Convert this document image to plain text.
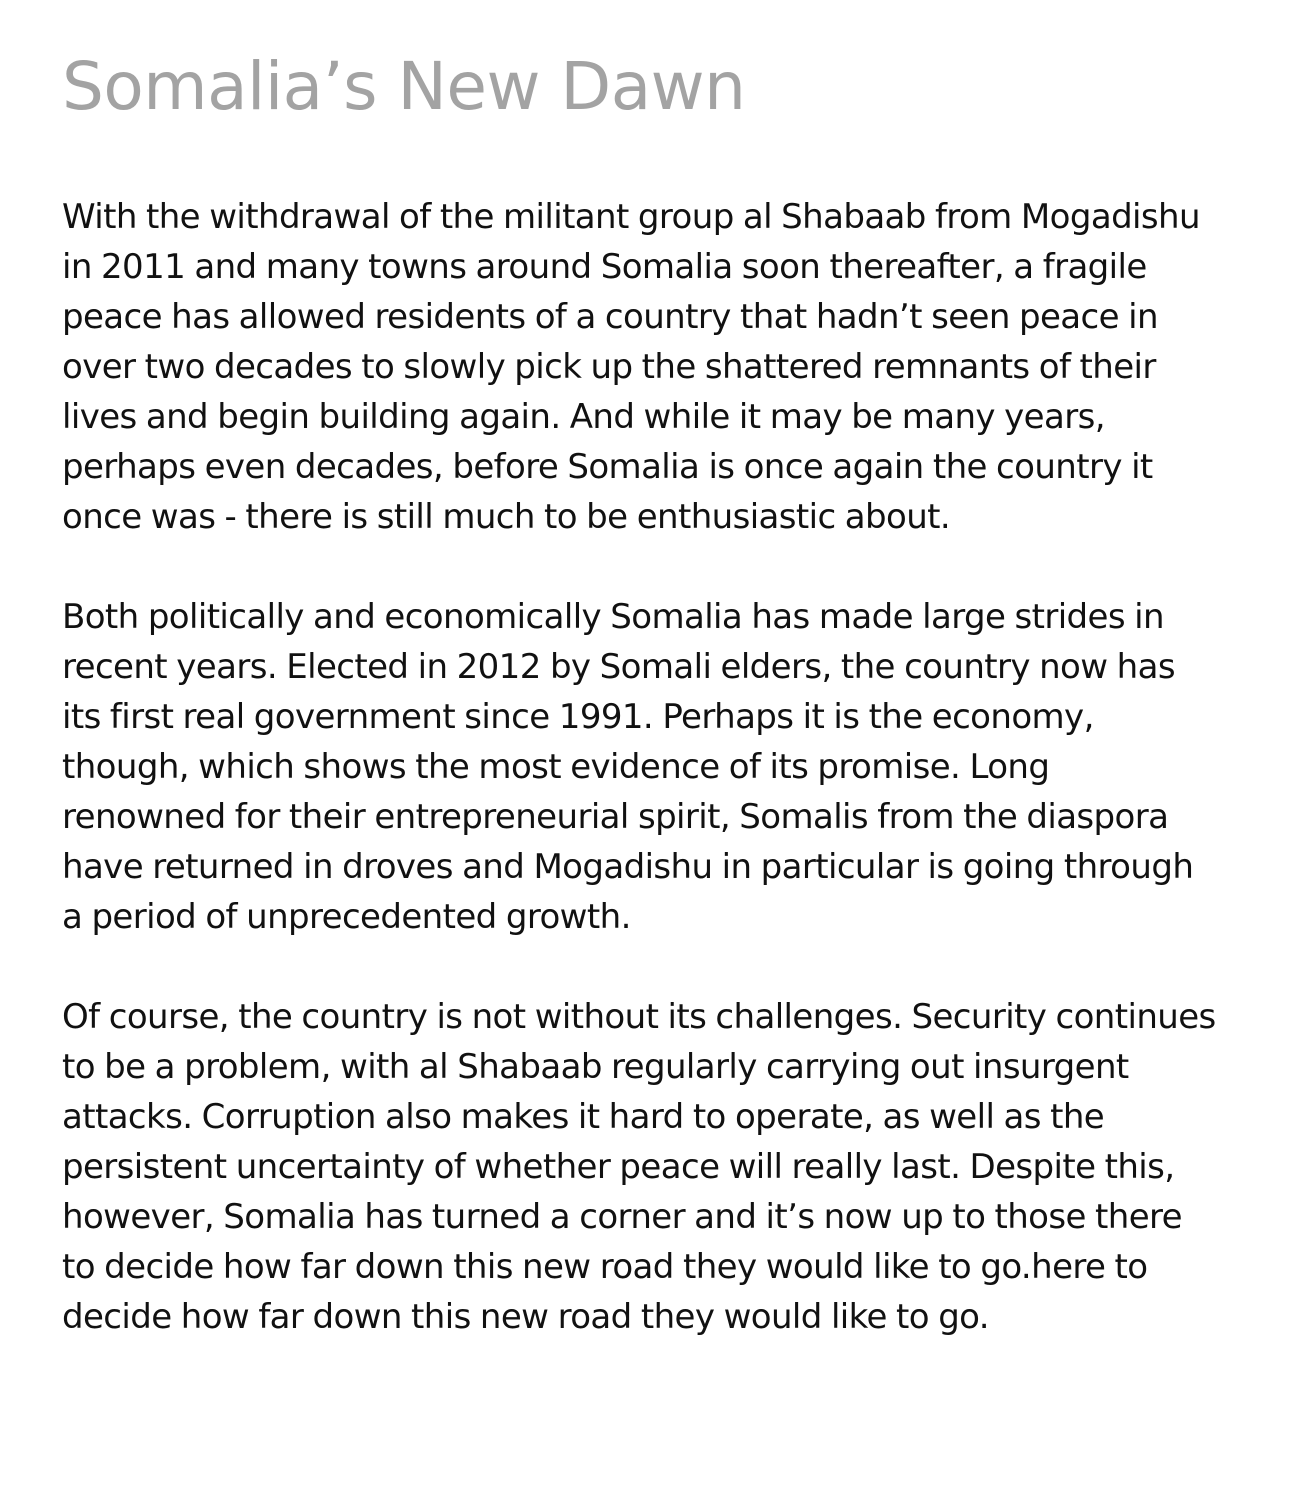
Somalia’s New Dawn

With the withdrawal of the militant group al Shabaab from Mogadishu in 2011 and many towns around Somalia soon thereafter, a fragile peace has allowed residents of a country that hadn’t seen peace in over two decades to slowly pick up the shattered remnants of their lives and begin building again. And while it may be many years, perhaps even decades, before Somalia is once again the country it once was - there is still much to be enthusiastic about.

Both politically and economically Somalia has made large strides in recent years. Elected in 2012 by Somali elders, the country now has its first real government since 1991. Perhaps it is the economy, though, which shows the most evidence of its promise. Long renowned for their entrepreneurial spirit, Somalis from the diaspora have returned in droves and Mogadishu in particular is going through a period of unprecedented growth.

Of course, the country is not without its challenges. Security continues to be a problem, with al Shabaab regularly carrying out insurgent attacks. Corruption also makes it hard to operate, as well as the persistent uncertainty of whether peace will really last. Despite this, however, Somalia has turned a corner and it’s now up to those there to decide how far down this new road they would like to go.here to decide how far down this new road they would like to go.
